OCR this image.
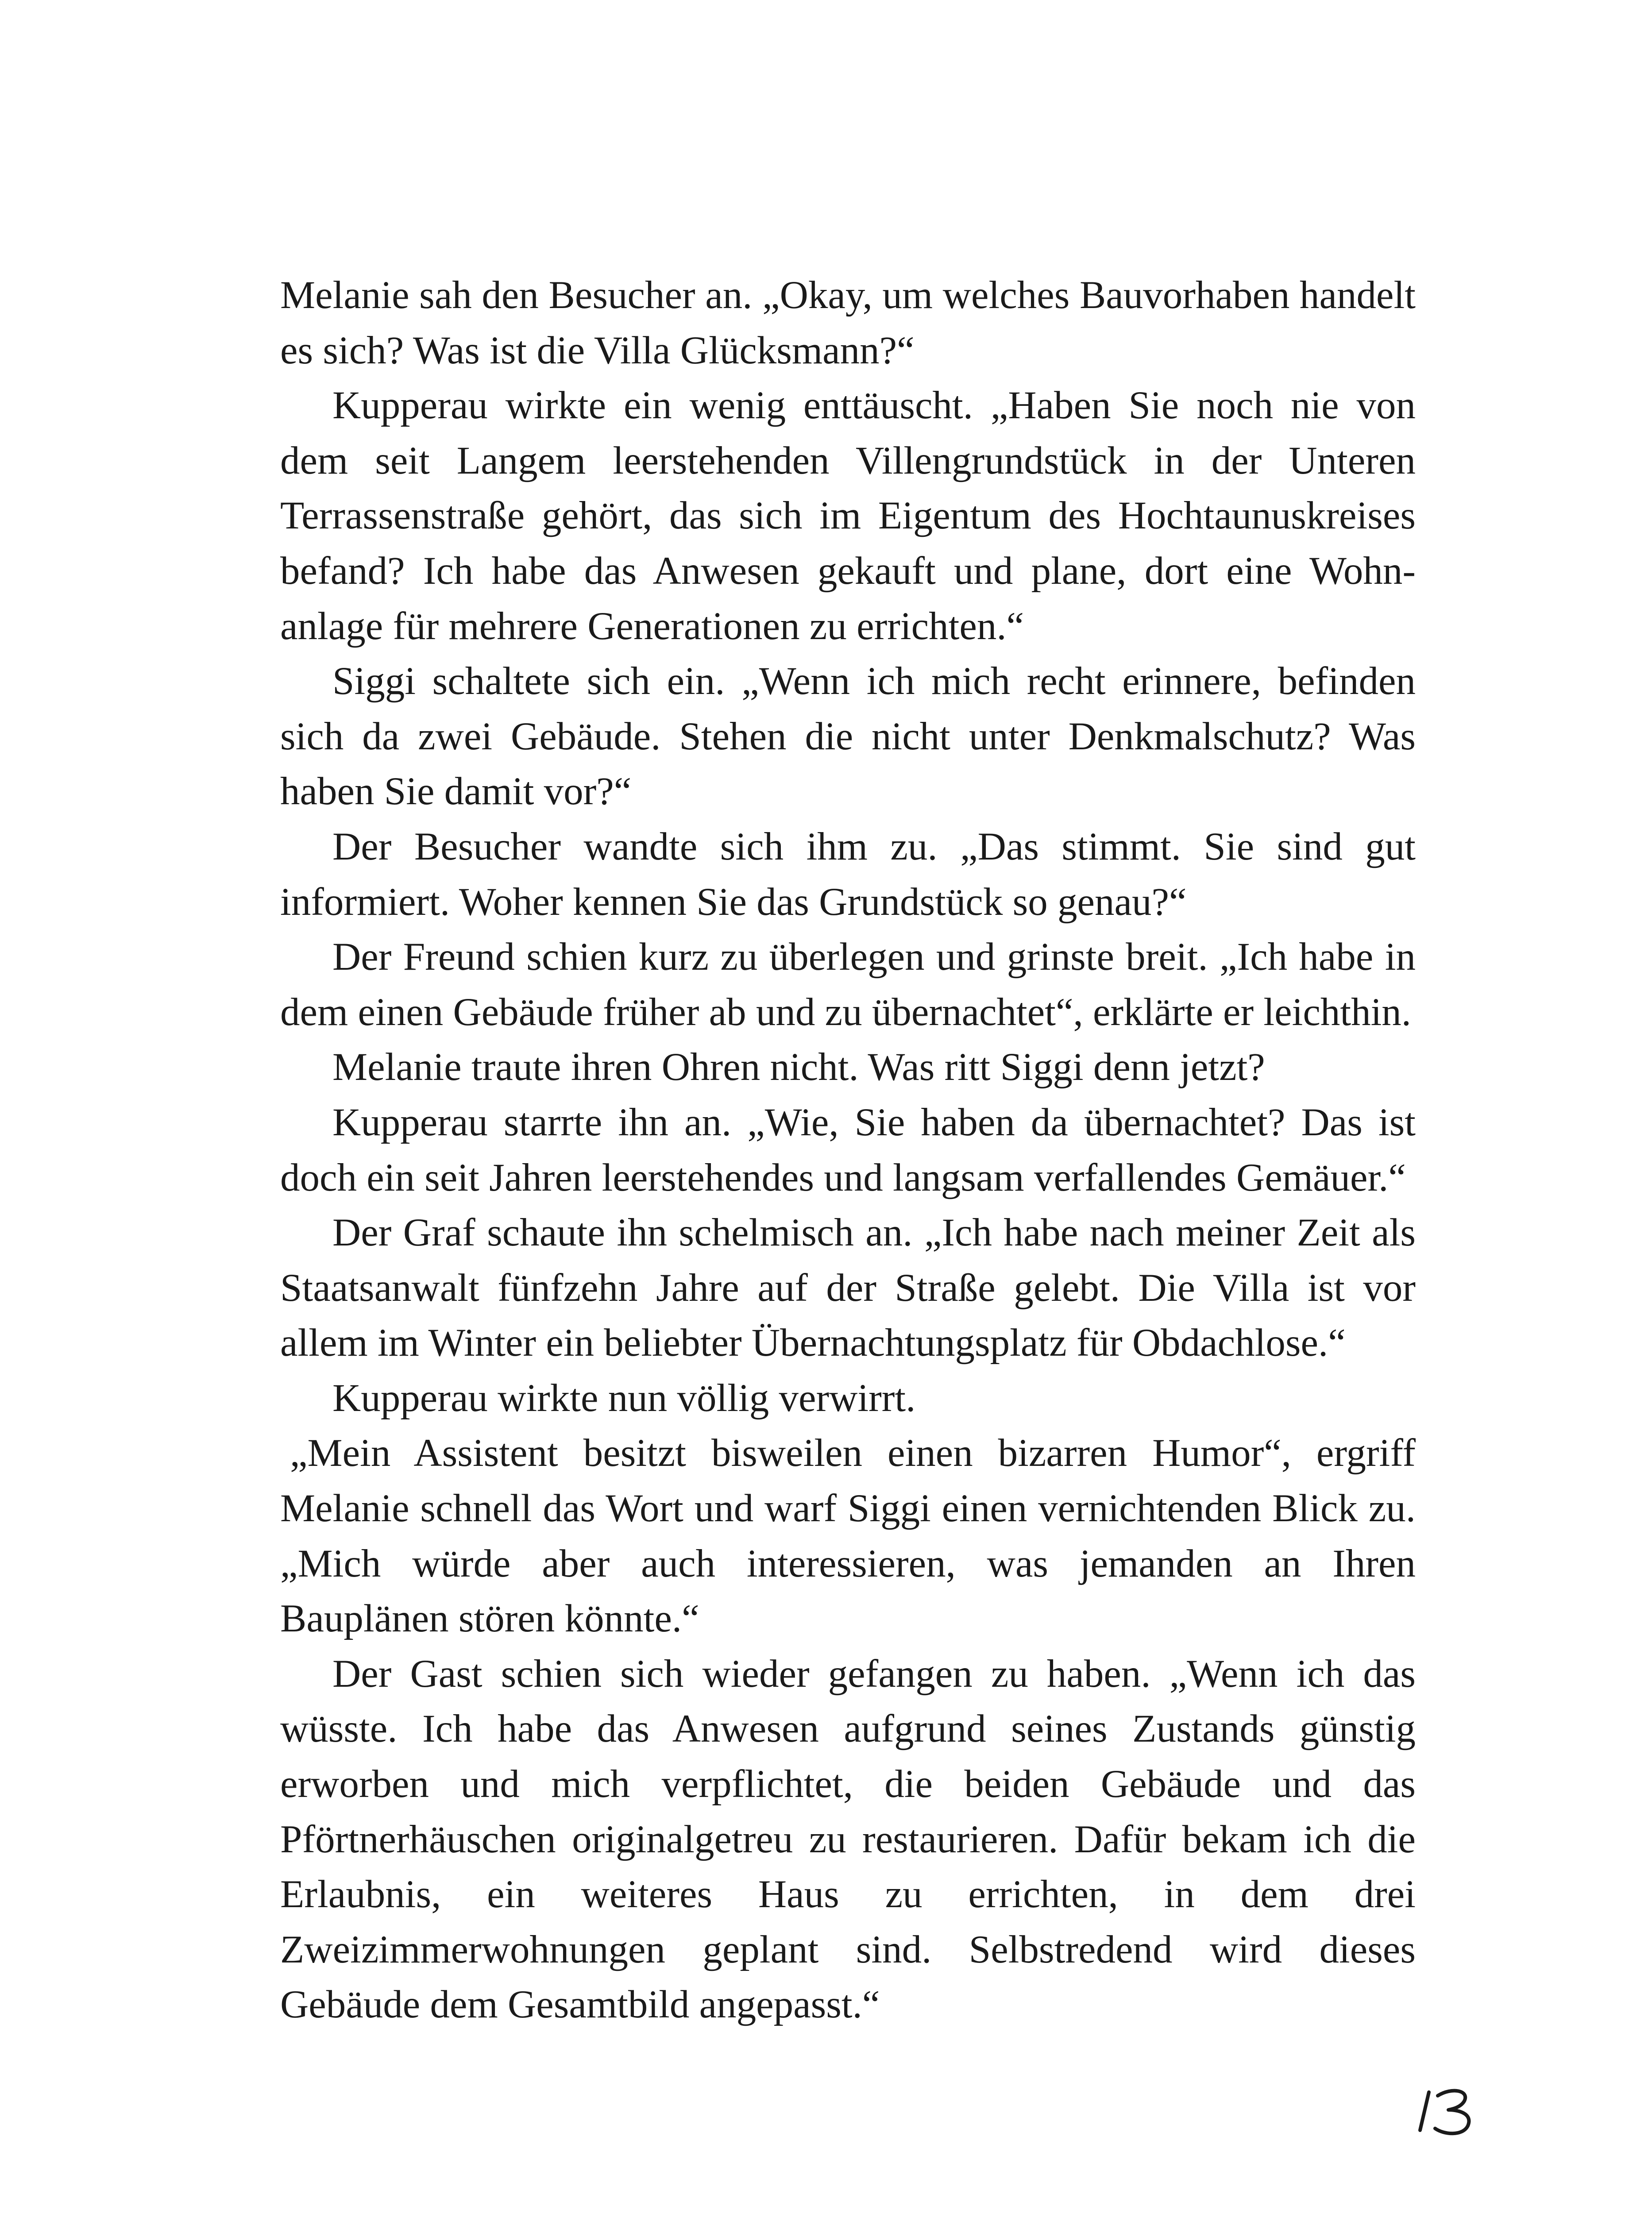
Melanie sah den Besucher an. „Okay, um welches Bauvorhaben handelt es sich? Was ist die Villa Glücksmann?“

Kupperau wirkte ein wenig enttäuscht. „Haben Sie noch nie von dem seit Langem leerstehenden Villengrundstück in der Unteren Terrassenstraße gehört, das sich im Eigentum des Hochtaunuskreises befand? Ich habe das Anwesen gekauft und plane, dort eine Wohnanlage für mehrere Generationen zu errichten.“

Siggi schaltete sich ein. „Wenn ich mich recht erinnere, befinden sich da zwei Gebäude. Stehen die nicht unter Denkmalschutz? Was haben Sie damit vor?“

Der Besucher wandte sich ihm zu. „Das stimmt. Sie sind gut informiert. Woher kennen Sie das Grundstück so genau?“

Der Freund schien kurz zu überlegen und grinste breit. „Ich habe in dem einen Gebäude früher ab und zu übernachtet“, erklärte er leichthin.

Melanie traute ihren Ohren nicht. Was ritt Siggi denn jetzt?

Kupperau starrte ihn an. „Wie, Sie haben da übernachtet? Das ist doch ein seit Jahren leerstehendes und langsam verfallendes Gemäuer.“

Der Graf schaute ihn schelmisch an. „Ich habe nach meiner Zeit als Staatsanwalt fünfzehn Jahre auf der Straße gelebt. Die Villa ist vor allem im Winter ein beliebter Übernachtungsplatz für Obdachlose.“

Kupperau wirkte nun völlig verwirrt.

„Mein Assistent besitzt bisweilen einen bizarren Humor“, ergriff Melanie schnell das Wort und warf Siggi einen vernichtenden Blick zu. „Mich würde aber auch interessieren, was jemanden an Ihren Bauplänen stören könnte.“

Der Gast schien sich wieder gefangen zu haben. „Wenn ich das wüsste. Ich habe das Anwesen aufgrund seines Zustands günstig erworben und mich verpflichtet, die beiden Gebäude und das Pförtnerhäuschen originalgetreu zu restaurieren. Dafür bekam ich die Erlaubnis, ein weiteres Haus zu errichten, in dem drei Zweizimmerwohnungen geplant sind. Selbstredend wird dieses Gebäude dem Gesamtbild angepasst.“
